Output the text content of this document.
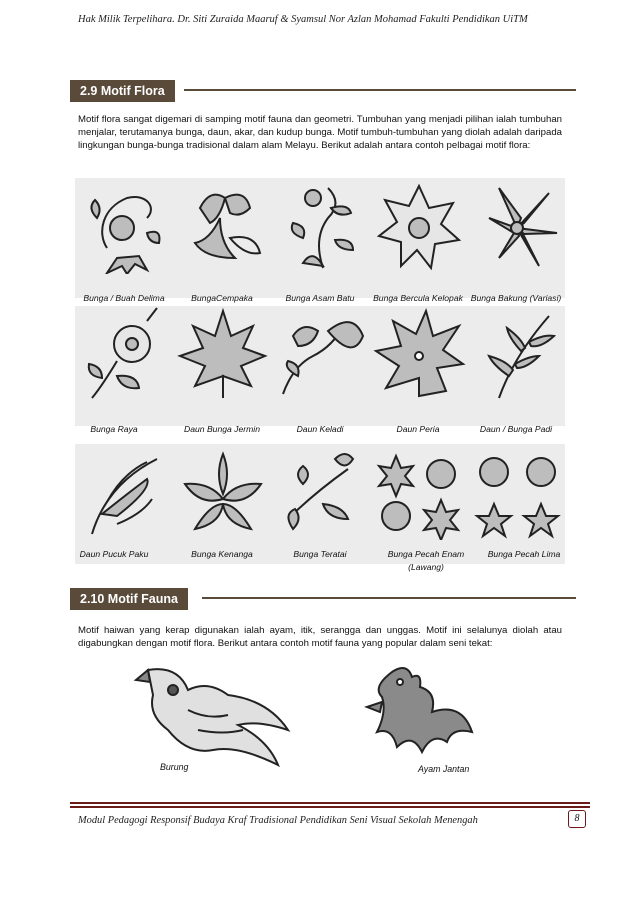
Hak Milik Terpelihara. Dr. Siti Zuraida Maaruf & Syamsul Nor Azlan Mohamad Fakulti Pendidikan UiTM
2.9 Motif Flora
Motif flora sangat digemari di samping motif fauna dan geometri. Tumbuhan yang menjadi pilihan ialah tumbuhan menjalar, terutamanya bunga, daun, akar, dan kudup bunga. Motif tumbuh-tumbuhan yang diolah adalah daripada lingkungan bunga-bunga tradisional dalam alam Melayu. Berikut adalah antara contoh pelbagai motif flora:
Bunga / Buah Delima	BungaCempaka	Bunga Asam Batu	Bunga Bercula Kelopak Bunga Bakung (Variasi)
Bunga Raya	Daun Bunga Jermin	Daun Keladi	Daun Peria	Daun / Bunga Padi
Daun Pucuk Paku	Bunga Kenanga	Bunga Teratai	Bunga Pecah Enam (Lawang)
Bunga Pecah Lima
2.10 Motif Fauna
Motif haiwan yang kerap digunakan ialah ayam, itik, serangga dan unggas. Motif ini selalunya diolah atau digabungkan dengan motif flora. Berikut antara contoh motif fauna yang popular dalam seni tekat:
Burung	Ayam Jantan
Modul Pedagogi Responsif Budaya Kraf Tradisional Pendidikan Seni Visual Sekolah Menengah	8
